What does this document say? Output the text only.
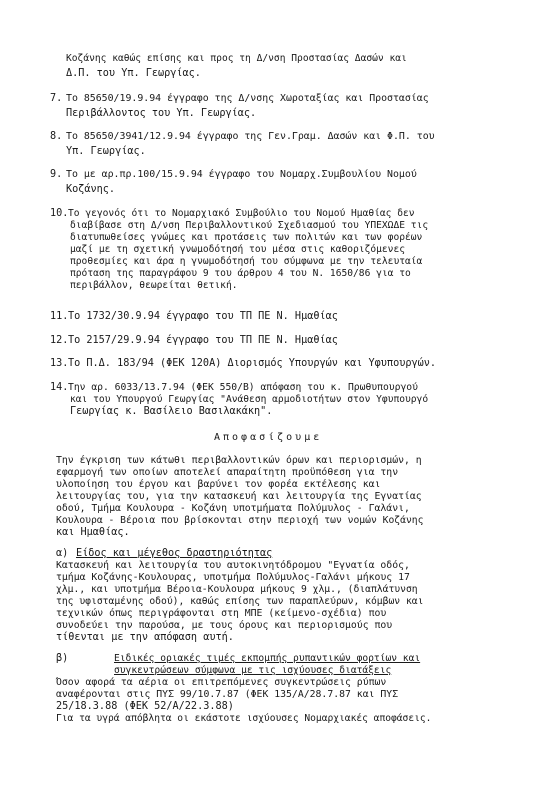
Κοζάνης καθώς επίσης και προς τη Δ/νση Προστασίας Δασών και
Δ.Π. του Υπ. Γεωργίας.
7. Το 85650/19.9.94 έγγραφο της Δ/νσης Χωροταξίας και Προστασίας
Περιβάλλοντος του Υπ. Γεωργίας.
8. Το 85650/3941/12.9.94 έγγραφο της Γεν.Γραμ. Δασών και Φ.Π. του
Υπ. Γεωργίας.
9. Το με αρ.πρ.100/15.9.94 έγγραφο του Νομαρχ.Συμβουλίου Νομού
Κοζάνης.
10. Το γεγονός ότι το Νομαρχιακό Συμβούλιο του Νομού Ημαθίας δεν
διαβίβασε στη Δ/νση Περιβαλλοντικού Σχεδιασμού του ΥΠΕΧΩΔΕ τις
διατυπωθείσες γνώμες και προτάσεις των πολιτών και των φορέων
μαζί με τη σχετική γνωμοδότησή του μέσα στις καθοριζόμενες
προθεσμίες και άρα η γνωμοδότησή του σύμφωνα με την τελευταία
πρόταση της παραγράφου 9 του άρθρου 4 του Ν. 1650/86 για το
περιβάλλον, θεωρείται θετική.
11. Το 1732/30.9.94 έγγραφο του ΤΠ ΠΕ Ν. Ημαθίας
12. Το 2157/29.9.94 έγγραφο του ΤΠ ΠΕ Ν. Ημαθίας
13. Το Π.Δ. 183/94 (ΦΕΚ 120Α) Διορισμός Υπουργών και Υφυπουργών.
14. Την αρ. 6033/13.7.94 (ΦΕΚ 550/Β) απόφαση του κ. Πρωθυπουργού
και του Υπουργού Γεωργίας "Ανάθεση αρμοδιοτήτων στον Υφυπουργό
Γεωργίας κ. Βασίλειο Βασιλακάκη".
Αποφασίζουμε
Την έγκριση των κάτωθι περιβαλλοντικών όρων και περιορισμών, η
εφαρμογή των οποίων αποτελεί απαραίτητη προϋπόθεση για την
υλοποίηση του έργου και βαρύνει τον φορέα εκτέλεσης και
λειτουργίας του, για την κατασκευή και λειτουργία της Εγνατίας
οδού, Τμήμα Κουλουρα - Κοζάνη υποτμήματα Πολύμυλος - Γαλάνι,
Κουλουρα - Βέροια που βρίσκονται στην περιοχή των νομών Κοζάνης
και Ημαθίας.
α) Είδος και μέγεθος δραστηριότητας
Κατασκευή και λειτουργία του αυτοκινητόδρομου "Εγνατία οδός,
τμήμα Κοζάνης-Κουλουρας, υποτμήμα Πολύμυλος-Γαλάνι μήκους 17
χλμ., και υποτμήμα Βέροια-Κουλουρα μήκους 9 χλμ., (διαπλάτυνση
της υφισταμένης οδού), καθώς επίσης των παραπλεύρων, κόμβων και
τεχνικών όπως περιγράφονται στη ΜΠΕ (κείμενο-σχέδια) που
συνοδεύει την παρούσα, με τους όρους και περιορισμούς που
τίθενται με την απόφαση αυτή.
β)	Ειδικές οριακές τιμές εκπομπής ρυπαντικών φορτίων και
συγκεντρώσεων σύμφωνα με τις ισχύουσες διατάξεις
Όσον αφορά τα αέρια οι επιτρεπόμενες συγκεντρώσεις ρύπων
αναφέρονται στις ΠΥΣ 99/10.7.87 (ΦΕΚ 135/Α/28.7.87 και ΠΥΣ
25/18.3.88 (ΦΕΚ 52/Α/22.3.88)
Για τα υγρά απόβλητα οι εκάστοτε ισχύουσες Νομαρχιακές αποφάσεις.
